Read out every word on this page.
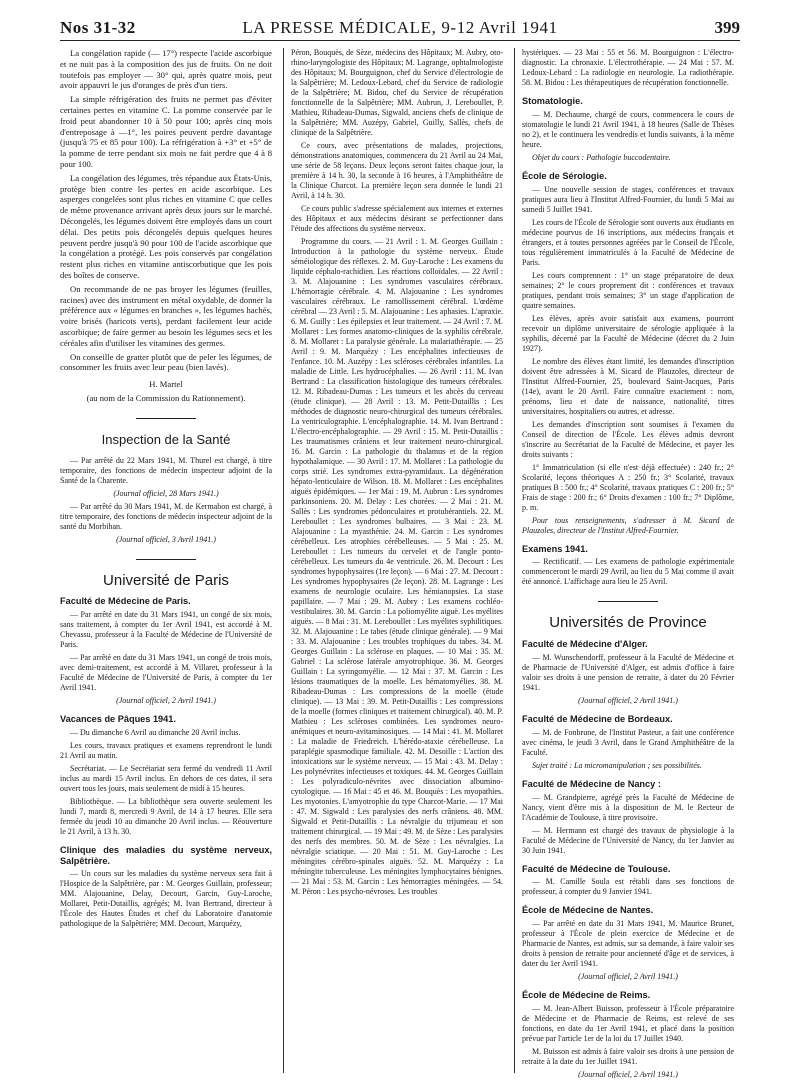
Nos 31-32	LA PRESSE MÉDICALE, 9-12 Avril 1941	399

La congélation rapide (— 17°) respecte l'acide ascorbique et ne nuit pas à la composition des jus de fruits. On ne doit toutefois pas employer — 30° qui, après quatre mois, peut avoir appauvri le jus d'oranges de près d'un tiers.

La simple réfrigération des fruits ne permet pas d'éviter certaines pertes en vitamine C. La pomme conservée par le froid peut abandonner 10 à 50 pour 100; après cinq mois d'entreposage à —1°, les poires peuvent perdre davantage (jusqu'à 75 et 85 pour 100). La réfrigération à +3° et +5° de la pomme de terre pendant six mois ne fait perdre que 4 à 8 pour 100.

La congélation des légumes, très répandue aux États-Unis, protège bien contre les pertes en acide ascorbique. Les asperges congelées sont plus riches en vitamine C que celles de même provenance arrivant après deux jours sur le marché. Décongelés, les légumes doivent être employés dans un court délai. Des petits pois décongelés depuis quelques heures peuvent perdre jusqu'à 90 pour 100 de l'acide ascorbique que la congélation a protégé. Les pois conservés par congélation restent plus riches en vitamine antiscorbutique que les pois des boîtes de conserve.

On recommande de ne pas broyer les légumes (feuilles, racines) avec des instrument en métal oxydable, de donner la préférence aux « légumes en branches », les légumes hachés, voire brisés (haricots verts), perdant facilement leur acide ascorbique; de faire germer au besoin les légumes secs et les céréales afin d'utiliser les vitamines des germes.

On conseille de gratter plutôt que de peler les légumes, de consommer les fruits avec leur peau (bien lavés).

H. Martel

(au nom de la Commission du Rationnement).

Inspection de la Santé

— Par arrêté du 22 Mars 1941, M. Thurel est chargé, à titre temporaire, des fonctions de médecin inspecteur adjoint de la Santé de la Charente.

(Journal officiel, 28 Mars 1941.)

— Par arrêté du 30 Mars 1941, M. de Kermabon est chargé, à titre temporaire, des fonctions de médecin inspecteur adjoint de la santé du Morbihan.

(Journal officiel, 3 Avril 1941.)

Université de Paris

Faculté de Médecine de Paris.

— Par arrêté en date du 31 Mars 1941, un congé de six mois, sans traitement, à compter du 1er Avril 1941, est accordé à M. Chevassu, professeur à la Faculté de Médecine de l'Université de Paris.

— Par arrêté en date du 31 Mars 1941, un congé de trois mois, avec demi-traitement, est accordé à M. Villaret, professeur à la Faculté de Médecine de l'Université de Paris, à compter du 1er Avril 1941.

(Journal officiel, 2 Avril 1941.)

Vacances de Pâques 1941.

— Du dimanche 6 Avril au dimanche 20 Avril inclus.

Les cours, travaux pratiques et examens reprendront le lundi 21 Avril au matin.

Secrétariat. — Le Secrétariat sera fermé du vendredi 11 Avril inclus au mardi 15 Avril inclus. En dehors de ces dates, il sera ouvert tous les jours, mais seulement de midi à 15 heures.

Bibliothèque. — La bibliothèque sera ouverte seulement les lundi 7, mardi 8, mercredi 9 Avril, de 14 à 17 heures. Elle sera fermée du jeudi 10 au dimanche 20 Avril inclus. — Réouverture le 21 Avril, à 13 h. 30.

Clinique des maladies du système nerveux, Salpêtrière.

— Un cours sur les maladies du système nerveux sera fait à l'Hospice de la Salpêtrière, par : M. Georges Guillain, professeur; MM. Alajouanine, Delay, Decourt, Garcin, Guy-Laroche, Mollaret, Petit-Dutaillis, agrégés; M. Ivan Bertrand, directeur à l'École des Hautes Études et chef du Laboratoire d'anatomie pathologique de la Salpêtrière; MM. Decourt, Marquézy,

Péron, Bouquès, de Sèze, médecins des Hôpitaux; M. Aubry, oto-rhino-laryngologiste des Hôpitaux; M. Lagrange, ophtalmologiste des Hôpitaux; M. Bourguignon, chef du Service d'électrologie de la Salpêtrière; M. Ledoux-Lebard, chef du Service de radiologie de la Salpêtrière; M. Bidou, chef du Service de récupération fonctionnelle de la Salpêtrière; MM. Aubrun, J. Lereboullet, P. Mathieu, Ribadeau-Dumas, Sigwald, anciens chefs de clinique de la Salpêtrière; MM. Auzépy, Gabriel, Guilly, Sallès, chefs de clinique de la Salpêtrière.

Ce cours, avec présentations de malades, projections, démonstrations anatomiques, commencera du 21 Avril au 24 Mai, une série de 58 leçons. Deux leçons seront faites chaque jour, la première à 14 h. 30, la seconde à 16 heures, à l'Amphithéâtre de la Clinique Charcot. La première leçon sera donnée le lundi 21 Avril, à 14 h. 30.

Ce cours public s'adresse spécialement aux internes et externes des Hôpitaux et aux médecins désirant se perfectionner dans l'étude des affections du système nerveux.

Programme du cours. — 21 Avril : 1. M. Georges Guillain : Introduction à la pathologie du système nerveux. Étude séméiologique des réflexes. 2. M. Guy-Laroche : Les examens du liquide céphalo-rachidien. Les réactions colloïdales. — 22 Avril : 3. M. Alajouanine : Les syndromes vasculaires cérébraux. L'hémorragie cérébrale. 4. M. Alajouanine : Les syndromes vasculaires cérébraux. Le ramollissement cérébral. L'œdème cérébral — 23 Avril : 5. M. Alajouanine : Les aphasies. L'apraxie. 6. M. Guilly : Les épilepsies et leur traitement. — 24 Avril : 7. M. Mollaret : Les formes anatomo-cliniques de la syphilis cérébrale. 8. M. Mollaret : La paralysie générale. La malariathérapie. — 25 Avril : 9. M. Marquézy : Les encéphalites infectieuses de l'enfance. 10. M. Auzépy : Les scléroses cérébrales infantiles. La maladie de Little. Les hydrocéphalies. — 26 Avril : 11. M. Ivan Bertrand : La classification histologique des tumeurs cérébrales. 12. M. Ribadeau-Dumas : Les tumeurs et les abcès du cerveau (étude clinique). — 28 Avril : 13. M. Petit-Dutaillis : Les méthodes de diagnostic neuro-chirurgical des tumeurs cérébrales. La ventriculographie. L'encéphalographie. 14. M. Ivan Bertrand : L'électro-encéphalographie. — 29 Avril : 15. M. Petit-Dutaillis : Les traumatismes crâniens et leur traitement neuro-chirurgical. 16. M. Garcin : La pathologie du thalamus et de la région hypothalamique. — 30 Avril : 17. M. Mollaret : La pathologie du corps strié. Les syndromes extra-pyramidaux. La dégénération hépato-lenticulaire de Wilson. 18. M. Mollaret : Les encéphalites aiguës épidémiques. — 1er Mai : 19. M. Aubrun : Les syndromes parkinsoniens. 20. M. Delay : Les chorées. — 2 Mai : 21. M. Sallès : Les syndromes pédonculaires et protubérantiels. 22. M. Lereboullet : Les syndromes bulbaires. — 3 Mai : 23. M. Alajouanine : La myasthénie. 24. M. Garcin : Les syndromes cérébelleux. Les atrophies cérébelleuses. — 5 Mai : 25. M. Lereboullet : Les tumeurs du cervelet et de l'angle ponto-cérébelleux. Les tumeurs du 4e ventricule. 26. M. Decourt : Les syndromes hypophysaires (1re leçon). — 6 Mai : 27. M. Decourt : Les syndromes hypophysaires (2e leçon). 28. M. Lagrange : Les examens de neurologie oculaire. Les hémianopsies. La stase papillaire. — 7 Mai : 29. M. Aubry : Les examens cochléo-vestibulaires. 30. M. Garcin : La poliomyélite aiguë. Les myélites aiguës. — 8 Mai : 31. M. Lereboullet : Les myélites syphilitiques. 32. M. Alajouanine : Le tabes (étude clinique générale). — 9 Mai : 33. M. Alajouanine : Les troubles trophiques du tabes. 34. M. Georges Guillain : La sclérose en plaques. — 10 Mai : 35. M. Gabriel : La sclérose latérale amyotrophique. 36. M. Georges Guillain : La syringomyélie. — 12 Mai : 37. M. Garcin : Les lésions traumatiques de la moelle. Les hématomyélies. 38. M. Ribadeau-Dumas : Les compressions de la moelle (étude clinique). — 13 Mai : 39. M. Petit-Dutaillis : Les compressions de la moelle (formes cliniques et traitement chirurgical). 40. M. P. Mathieu : Les scléroses combinées. Les syndromes neuro-anémiques et neuro-avitaminosiques. — 14 Mai : 41. M. Mollaret : La maladie de Friedreich. L'hérédo-ataxie cérébelleuse. La paraplégie spasmodique familiale. 42. M. Desoille : L'action des intoxications sur le système nerveux. — 15 Mai : 43. M. Delay : Les polynévrites infectieuses et toxiques. 44. M. Georges Guillain : Les polyradiculo-névrites avec dissociation albumino-cytologique. — 16 Mai : 45 et 46. M. Bouquès : Les myopathies. Les myotonies. L'amyotrophie du type Charcot-Marie. — 17 Mai : 47. M. Sigwald : Les paralysies des nerfs crâniens. 48. MM. Sigwald et Petit-Dutaillis : La névralgie du trijumeau et son traitement chirurgical. — 19 Mai : 49. M. de Sèze : Les paralysies des nerfs des membres. 50. M. de Sèze : Les névralgies. La névralgie sciatique. — 20 Mai : 51. M. Guy-Laroche : Les méningites cérébro-spinales aiguës. 52. M. Marquézy : La méningite tuberculeuse. Les méningites lymphocytaires bénignes. — 21 Mai : 53. M. Garcin : Les hémorragies méningées. — 54. M. Péron : Les psycho-névroses. Les troubles

hystériques. — 23 Mai : 55 et 56. M. Bourguignon : L'électro-diagnostic. La chronaxie. L'électrothérapie. — 24 Mai : 57. M. Ledoux-Lebard : La radiologie en neurologie. La radiothérapie. 58. M. Bidou : Les thérapeutiques de récupération fonctionnelle.

Stomatologie.

— M. Dechaume, chargé de cours, commencera le cours de stomatologie le lundi 21 Avril 1941, à 18 heures (Salle de Thèses no 2), et le continuera les vendredis et lundis suivants, à la même heure.

Objet du cours : Pathologie buccodentaire.

École de Sérologie.

— Une nouvelle session de stages, conférences et travaux pratiques aura lieu à l'Institut Alfred-Fournier, du lundi 5 Mai au samedi 5 Juillet 1941.

Les cours de l'École de Sérologie sont ouverts aux étudiants en médecine pourvus de 16 inscriptions, aux médecins français et étrangers, et à toutes personnes agréées par le Conseil de l'École, tous régulièrement immatriculés à la Faculté de Médecine de Paris.

Les cours comprennent : 1° un stage préparatoire de deux semaines; 2° le cours proprement dit : conférences et travaux pratiques, pendant trois semaines; 3° un stage d'application de quatre semaines.

Les élèves, après avoir satisfait aux examens, pourront recevoir un diplôme universitaire de sérologie appliquée à la syphilis, décerné par la Faculté de Médecine (décret du 2 Juin 1927).

Le nombre des élèves étant limité, les demandes d'inscription doivent être adressées à M. Sicard de Plauzoles, directeur de l'Institut Alfred-Fournier, 25, boulevard Saint-Jacques, Paris (14e), avant le 20 Avril. Faire connaître exactement : nom, prénoms, lieu et date de naissance, nationalité, titres universitaires, hospitaliers ou autres, et adresse.

Les demandes d'inscription sont soumises à l'examen du Conseil de direction de l'École. Les élèves admis devront s'inscrire au Secrétariat de la Faculté de Médecine, et payer les droits suivants :

1° Immatriculation (si elle n'est déjà effectuée) : 240 fr.; 2° Scolarité, leçons théoriques A : 250 fr.; 3° Scolarité, travaux pratiques B : 500 fr.; 4° Scolarité, travaux pratiques C : 200 fr.; 5° Frais de stage : 200 fr.; 6° Droits d'examen : 100 fr.; 7° Diplôme, p. m.

Pour tous renseignements, s'adresser à M. Sicard de Plauzoles, directeur de l'Institut Alfred-Fournier.

Examens 1941.

— Rectificatif. — Les examens de pathologie expérimentale commenceront le mardi 29 Avril, au lieu du 5 Mai comme il avait été annoncé. L'affichage aura lieu le 25 Avril.

Universités de Province

Faculté de Médecine d'Alger.

— M. Wunschendorff, professeur à la Faculté de Médecine et de Pharmacie de l'Université d'Alger, est admis d'office à faire valoir ses droits à une pension de retraite, à dater du 20 Février 1941.

(Journal officiel, 2 Avril 1941.)

Faculté de Médecine de Bordeaux.

— M. de Fonbrune, de l'Institut Pasteur, a fait une conférence avec cinéma, le jeudi 3 Avril, dans le Grand Amphithéâtre de la Faculté.

Sujet traité : La micromanipulation ; ses possibilités.

Faculté de Médecine de Nancy :

— M. Grandpierre, agrégé près la Faculté de Médecine de Nancy, vient d'être mis à la disposition de M. le Recteur de l'Académie de Toulouse, à titre provisoire.

— M. Hermann est chargé des travaux de physiologie à la Faculté de Médecine de l'Université de Nancy, du 1er Janvier au 30 Juin 1941.

Faculté de Médecine de Toulouse.

— M. Camille Soula est rétabli dans ses fonctions de professeur, à compter du 9 Janvier 1941.

École de Médecine de Nantes.

— Par arrêté en date du 31 Mars 1941, M. Maurice Brunet, professeur à l'École de plein exercice de Médecine et de Pharmacie de Nantes, est admis, sur sa demande, à faire valoir ses droits à pension de retraite pour ancienneté d'âge et de services, à dater du 1er Avril 1941.

(Journal officiel, 2 Avril 1941.)

École de Médecine de Reims.

— M. Jean-Albert Buisson, professeur à l'École préparatoire de Médecine et de Pharmacie de Reims, est relevé de ses fonctions, en date du 1er Avril 1941, et placé dans la position prévue par l'article 1er de la loi du 17 Juillet 1940.

M. Buisson est admis à faire valoir ses droits à une pension de retraite à la date du 1er Juillet 1941.

(Journal officiel, 2 Avril 1941.)
